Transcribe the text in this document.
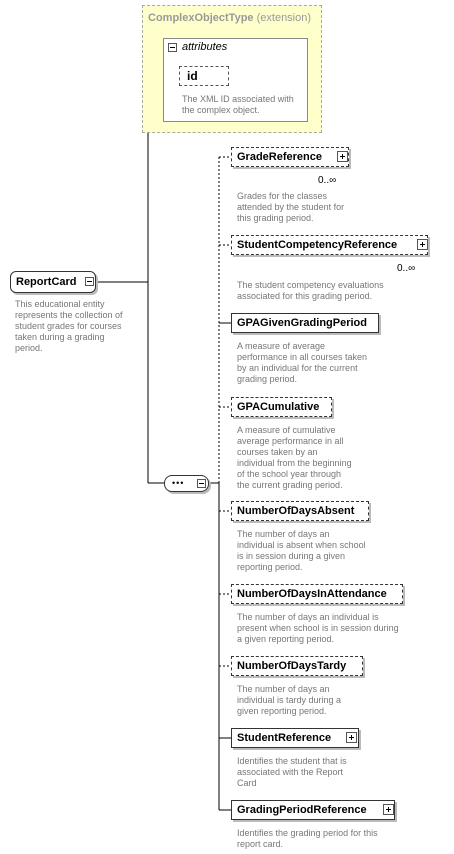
ComplexObjectType (extension)
attributes
id
The XML ID associated with
the complex object.
ReportCard
This educational entity
represents the collection of
student grades for courses
taken during a grading
period.
•••
GradeReference
0..∞
Grades for the classes
attended by the student for
this grading period.
StudentCompetencyReference
0..∞
The student competency evaluations
associated for this grading period.
GPAGivenGradingPeriod
A measure of average
performance in all courses taken
by an individual for the current
grading period.
GPACumulative
A measure of cumulative
average performance in all
courses taken by an
individual from the beginning
of the school year through
the current grading period.
NumberOfDaysAbsent
The number of days an
individual is absent when school
is in session during a given
reporting period.
NumberOfDaysInAttendance
The number of days an individual is
present when school is in session during
a given reporting period.
NumberOfDaysTardy
The number of days an
individual is tardy during a
given reporting period.
StudentReference
Identifies the student that is
associated with the Report
Card
GradingPeriodReference
Identifies the grading period for this
report card.
